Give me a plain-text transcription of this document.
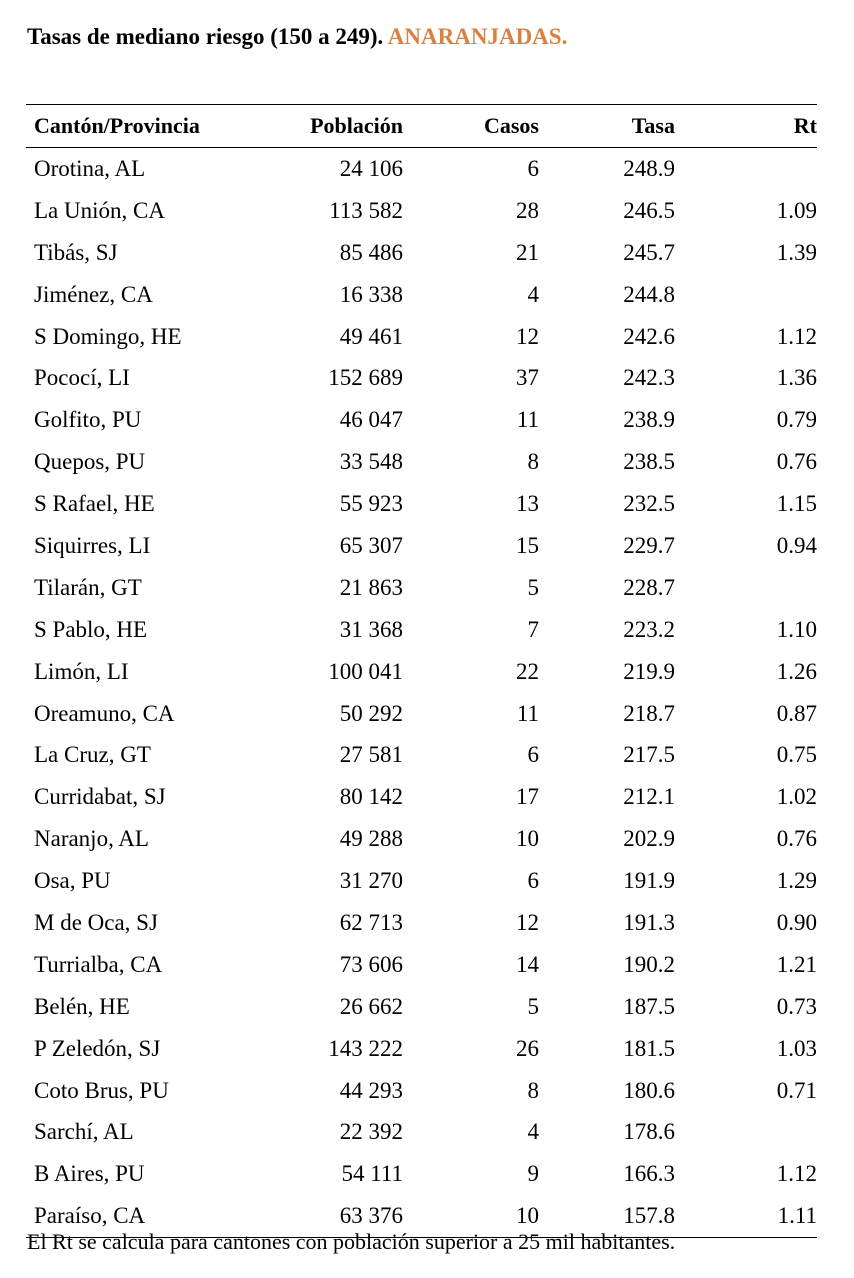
Tasas de mediano riesgo (150 a 249). ANARANJADAS.
Cantón/Provincia	Población	Casos	Tasa	Rt
Orotina, AL	24 106	6	248.9	
La Unión, CA	113 582	28	246.5	1.09
Tibás, SJ	85 486	21	245.7	1.39
Jiménez, CA	16 338	4	244.8	
S Domingo, HE	49 461	12	242.6	1.12
Pococí, LI	152 689	37	242.3	1.36
Golfito, PU	46 047	11	238.9	0.79
Quepos, PU	33 548	8	238.5	0.76
S Rafael, HE	55 923	13	232.5	1.15
Siquirres, LI	65 307	15	229.7	0.94
Tilarán, GT	21 863	5	228.7	
S Pablo, HE	31 368	7	223.2	1.10
Limón, LI	100 041	22	219.9	1.26
Oreamuno, CA	50 292	11	218.7	0.87
La Cruz, GT	27 581	6	217.5	0.75
Curridabat, SJ	80 142	17	212.1	1.02
Naranjo, AL	49 288	10	202.9	0.76
Osa, PU	31 270	6	191.9	1.29
M de Oca, SJ	62 713	12	191.3	0.90
Turrialba, CA	73 606	14	190.2	1.21
Belén, HE	26 662	5	187.5	0.73
P Zeledón, SJ	143 222	26	181.5	1.03
Coto Brus, PU	44 293	8	180.6	0.71
Sarchí, AL	22 392	4	178.6	
B Aires, PU	54 111	9	166.3	1.12
Paraíso, CA	63 376	10	157.8	1.11
El Rt se calcula para cantones con población superior a 25 mil habitantes.
